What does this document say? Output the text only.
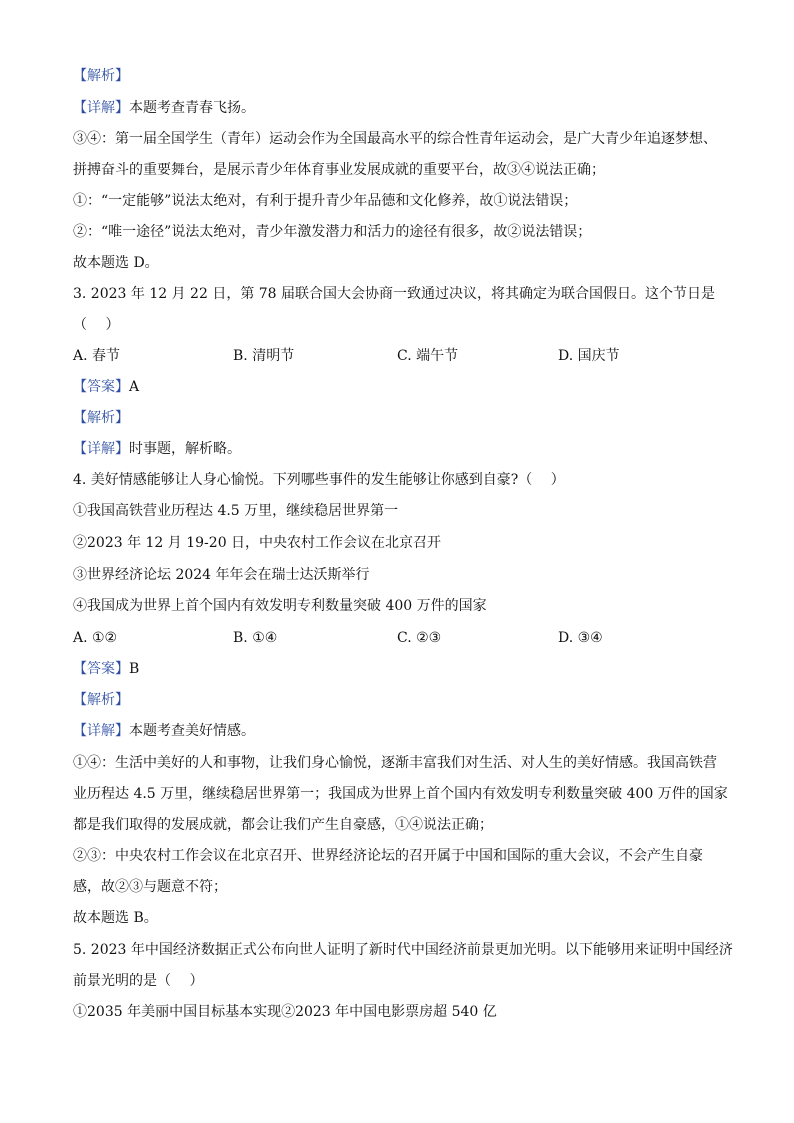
【解析】
【详解】本题考查青春飞扬。
③④：第一届全国学生（青年）运动会作为全国最高水平的综合性青年运动会，是广大青少年追逐梦想、
拼搏奋斗的重要舞台，是展示青少年体育事业发展成就的重要平台，故③④说法正确；
①：“一定能够”说法太绝对，有利于提升青少年品德和文化修养，故①说法错误；
②：“唯一途径”说法太绝对，青少年激发潜力和活力的途径有很多，故②说法错误；
故本题选 D。
3. 2023 年 12 月 22 日，第 78 届联合国大会协商一致通过决议，将其确定为联合国假日。这个节日是
（　 ）
A. 春节	B. 清明节	C. 端午节	D. 国庆节
【答案】A
【解析】
【详解】时事题，解析略。
4. 美好情感能够让人身心愉悦。下列哪些事件的发生能够让你感到自豪?（　 ）
①我国高铁营业历程达 4.5 万里，继续稳居世界第一
②2023 年 12 月 19-20 日，中央农村工作会议在北京召开
③世界经济论坛 2024 年年会在瑞士达沃斯举行
④我国成为世界上首个国内有效发明专利数量突破 400 万件的国家
A. ①②	B. ①④	C. ②③	D. ③④
【答案】B
【解析】
【详解】本题考查美好情感。
①④：生活中美好的人和事物，让我们身心愉悦，逐渐丰富我们对生活、对人生的美好情感。我国高铁营
业历程达 4.5 万里，继续稳居世界第一；我国成为世界上首个国内有效发明专利数量突破 400 万件的国家
都是我们取得的发展成就，都会让我们产生自豪感，①④说法正确；
②③：中央农村工作会议在北京召开、世界经济论坛的召开属于中国和国际的重大会议，不会产生自豪
感，故②③与题意不符；
故本题选 B。
5. 2023 年中国经济数据正式公布向世人证明了新时代中国经济前景更加光明。以下能够用来证明中国经济
前景光明的是（　 ）
①2035 年美丽中国目标基本实现②2023 年中国电影票房超 540 亿
